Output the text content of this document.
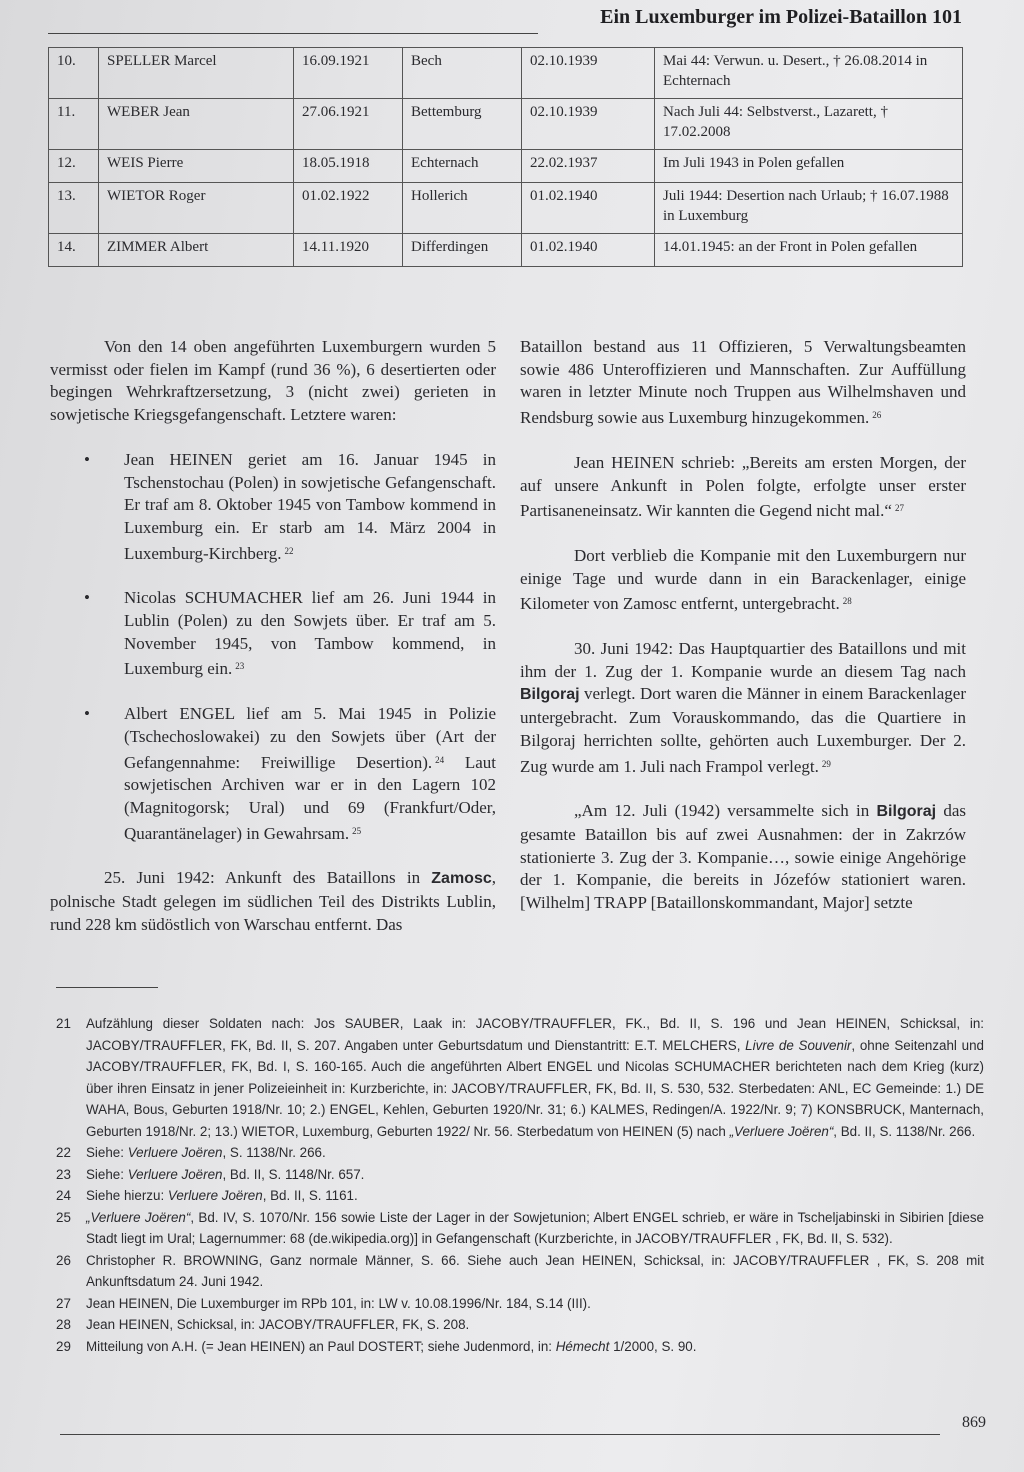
Ein Luxemburger im Polizei-Bataillon 101
10.	SPELLER Marcel	16.09.1921	Bech	02.10.1939	Mai 44: Verwun. u. Desert., † 26.08.2014 in Echternach
11.	WEBER Jean	27.06.1921	Bettemburg	02.10.1939	Nach Juli 44: Selbstverst., Lazarett, † 17.02.2008
12.	WEIS Pierre	18.05.1918	Echternach	22.02.1937	Im Juli 1943 in Polen gefallen
13.	WIETOR Roger	01.02.1922	Hollerich	01.02.1940	Juli 1944: Desertion nach Urlaub; † 16.07.1988 in Luxemburg
14.	ZIMMER Albert	14.11.1920	Differdingen	01.02.1940	14.01.1945: an der Front in Polen gefallen

Von den 14 oben angeführten Luxemburgern wurden 5 vermisst oder fielen im Kampf (rund 36 %), 6 desertierten oder begingen Wehrkraftzersetzung, 3 (nicht zwei) gerieten in sowjetische Kriegsgefangenschaft. Letztere waren:

• Jean HEINEN geriet am 16. Januar 1945 in Tschenstochau (Polen) in sowjetische Gefangenschaft. Er traf am 8. Oktober 1945 von Tambow kommend in Luxemburg ein. Er starb am 14. März 2004 in Luxemburg-Kirchberg. $^{22}$
• Nicolas SCHUMACHER lief am 26. Juni 1944 in Lublin (Polen) zu den Sowjets über. Er traf am 5. November 1945, von Tambow kommend, in Luxemburg ein. $^{23}$
• Albert ENGEL lief am 5. Mai 1945 in Polizie (Tschechoslowakei) zu den Sowjets über (Art der Gefangennahme: Freiwillige Desertion). $^{24}$ Laut sowjetischen Archiven war er in den Lagern 102 (Magnitogorsk; Ural) und 69 (Frankfurt/Oder, Quarantänelager) in Gewahrsam. $^{25}$

25. Juni 1942: Ankunft des Bataillons in Zamosc, polnische Stadt gelegen im südlichen Teil des Distrikts Lublin, rund 228 km südöstlich von Warschau entfernt. Das

Bataillon bestand aus 11 Offizieren, 5 Verwaltungsbeamten sowie 486 Unteroffizieren und Mannschaften. Zur Auffüllung waren in letzter Minute noch Truppen aus Wilhelmshaven und Rendsburg sowie aus Luxemburg hinzugekommen. $^{26}$

Jean HEINEN schrieb: „Bereits am ersten Morgen, der auf unsere Ankunft in Polen folgte, erfolgte unser erster Partisaneneinsatz. Wir kannten die Gegend nicht mal.“ $^{27}$

Dort verblieb die Kompanie mit den Luxemburgern nur einige Tage und wurde dann in ein Barackenlager, einige Kilometer von Zamosc entfernt, untergebracht. $^{28}$

30. Juni 1942: Das Hauptquartier des Bataillons und mit ihm der 1. Zug der 1. Kompanie wurde an diesem Tag nach Bilgoraj verlegt. Dort waren die Männer in einem Barackenlager untergebracht. Zum Vorauskommando, das die Quartiere in Bilgoraj herrichten sollte, gehörten auch Luxemburger. Der 2. Zug wurde am 1. Juli nach Frampol verlegt. $^{29}$

„Am 12. Juli (1942) versammelte sich in Bilgoraj das gesamte Bataillon bis auf zwei Ausnahmen: der in Zakrzów stationierte 3. Zug der 3. Kompanie…, sowie einige Angehörige der 1. Kompanie, die bereits in Józefów stationiert waren. [Wilhelm] TRAPP [Bataillonskommandant, Major] setzte

21 Aufzählung dieser Soldaten nach: Jos SAUBER, Laak in: JACOBY/TRAUFFLER, FK., Bd. II, S. 196 und Jean HEINEN, Schicksal, in: JACOBY/TRAUFFLER, FK, Bd. II, S. 207. Angaben unter Geburtsdatum und Dienstantritt: E.T. MELCHERS, Livre de Souvenir, ohne Seitenzahl und JACOBY/TRAUFFLER, FK, Bd. I, S. 160-165. Auch die angeführten Albert ENGEL und Nicolas SCHUMACHER berichteten nach dem Krieg (kurz) über ihren Einsatz in jener Polizeieinheit in: Kurzberichte, in: JACOBY/TRAUFFLER, FK, Bd. II, S. 530, 532. Sterbedaten: ANL, EC Gemeinde: 1.) DE WAHA, Bous, Geburten 1918/Nr. 10; 2.) ENGEL, Kehlen, Geburten 1920/Nr. 31; 6.) KALMES, Redingen/A. 1922/Nr. 9; 7) KONSBRUCK, Manternach, Geburten 1918/Nr. 2; 13.) WIETOR, Luxemburg, Geburten 1922/ Nr. 56. Sterbedatum von HEINEN (5) nach „Verluere Joëren“, Bd. II, S. 1138/Nr. 266.
22 Siehe: Verluere Joëren, S. 1138/Nr. 266.
23 Siehe: Verluere Joëren, Bd. II, S. 1148/Nr. 657.
24 Siehe hierzu: Verluere Joëren, Bd. II, S. 1161.
25 „Verluere Joëren“, Bd. IV, S. 1070/Nr. 156 sowie Liste der Lager in der Sowjetunion; Albert ENGEL schrieb, er wäre in Tscheljabinski in Sibirien [diese Stadt liegt im Ural; Lagernummer: 68 (de.wikipedia.org)] in Gefangenschaft (Kurzberichte, in JACOBY/TRAUFFLER , FK, Bd. II, S. 532).
26 Christopher R. BROWNING, Ganz normale Männer, S. 66. Siehe auch Jean HEINEN, Schicksal, in: JACOBY/TRAUFFLER , FK, S. 208 mit Ankunftsdatum 24. Juni 1942.
27 Jean HEINEN, Die Luxemburger im RPb 101, in: LW v. 10.08.1996/Nr. 184, S.14 (III).
28 Jean HEINEN, Schicksal, in: JACOBY/TRAUFFLER, FK, S. 208.
29 Mitteilung von A.H. (= Jean HEINEN) an Paul DOSTERT; siehe Judenmord, in: Hémecht 1/2000, S. 90.
869
